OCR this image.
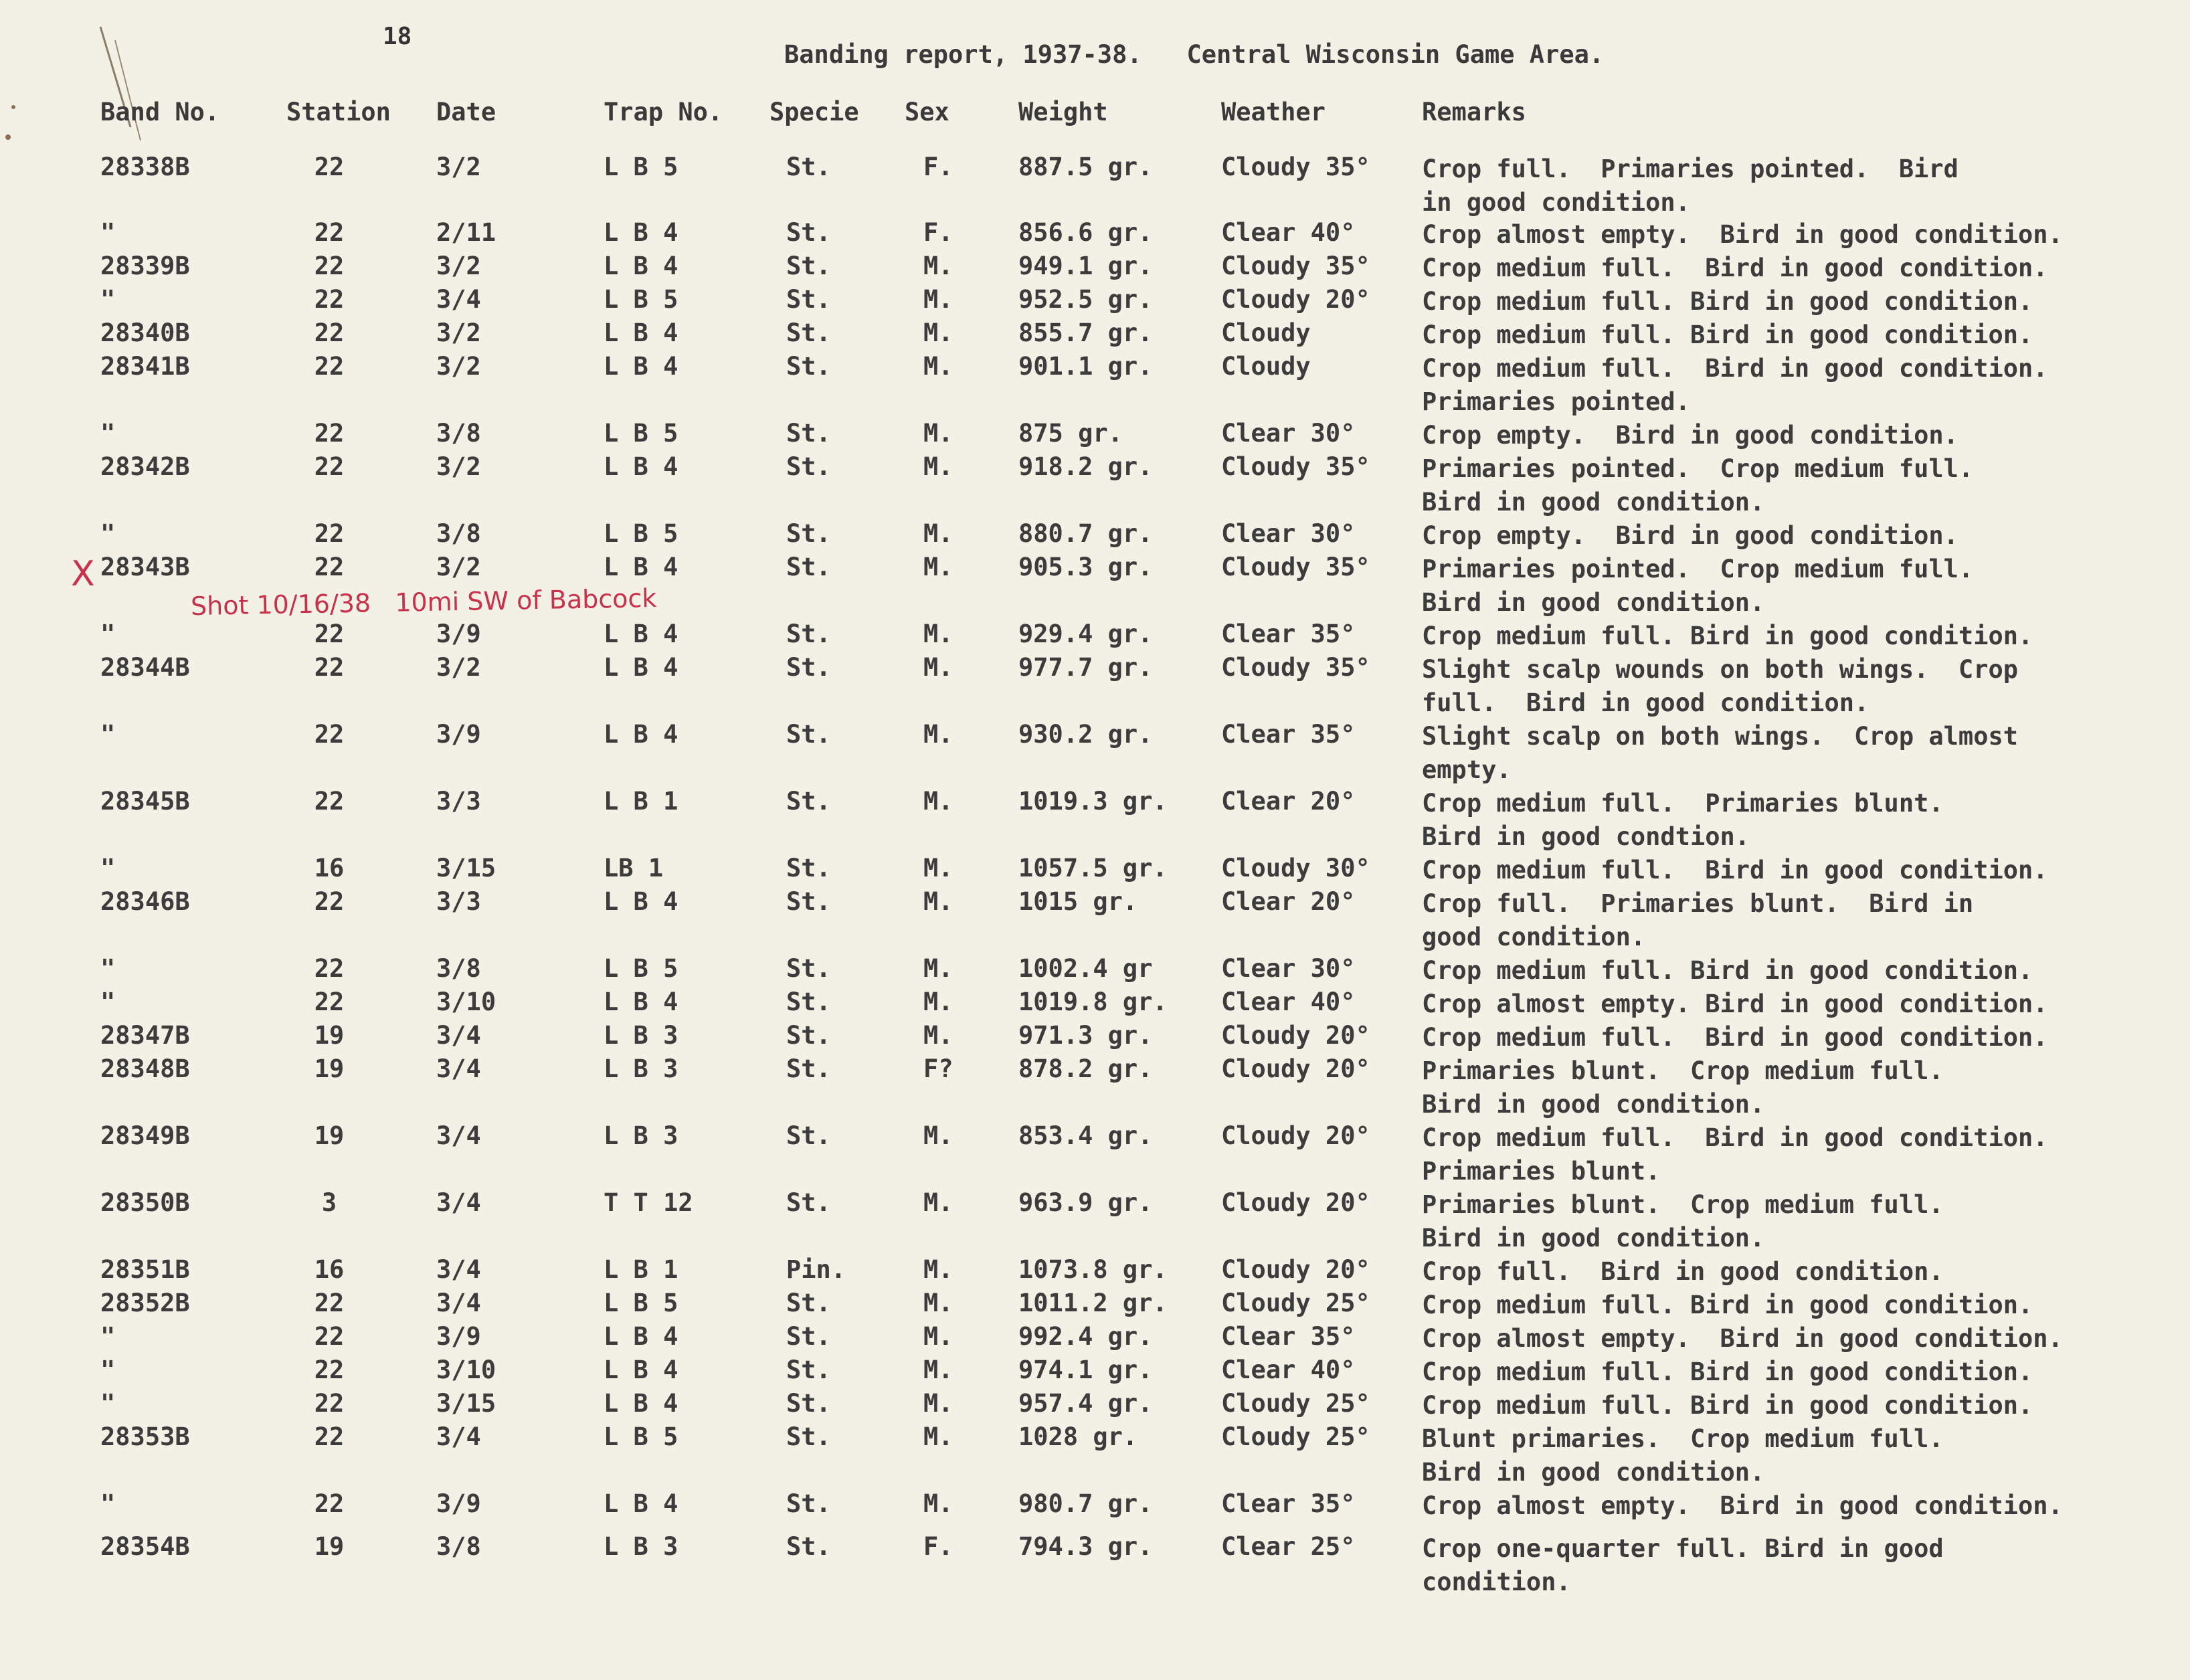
18
Banding report, 1937-38.   Central Wisconsin Game Area.
Band No.	Station Date	Trap No. Specie Sex	Weight	Weather	Remarks
28338B	22	3/2	L B 5	St.	F.	887.5 gr.	Cloudy 35° Crop full.  Primaries pointed.  Bird
in good condition.
"	22	2/11	L B 4	St.	F.	856.6 gr.	Clear 40°	Crop almost empty.  Bird in good condition.
28339B	22	3/2	L B 4	St.	M.	949.1 gr.	Cloudy 35° Crop medium full.  Bird in good condition.
"	22	3/4	L B 5	St.	M.	952.5 gr.	Cloudy 20° Crop medium full. Bird in good condition.
28340B	22	3/2	L B 4	St.	M.	855.7 gr.	Cloudy	Crop medium full. Bird in good condition.
28341B	22	3/2	L B 4	St.	M.	901.1 gr.	Cloudy	Crop medium full.  Bird in good condition.
Primaries pointed.
"	22	3/8	L B 5	St.	M.	875 gr.	Clear 30°	Crop empty.  Bird in good condition.
28342B	22	3/2	L B 4	St.	M.	918.2 gr.	Cloudy 35° Primaries pointed.  Crop medium full.
Bird in good condition.
"	22	3/8	L B 5	St.	M.	880.7 gr.	Clear 30°	Crop empty.  Bird in good condition.
28343B	22	3/2	L B 4	St.	M.	905.3 gr.	Cloudy 35° Primaries pointed.  Crop medium full.
Bird in good condition.
"	22	3/9	L B 4	St.	M.	929.4 gr.	Clear 35°	Crop medium full. Bird in good condition.
28344B	22	3/2	L B 4	St.	M.	977.7 gr.	Cloudy 35° Slight scalp wounds on both wings.  Crop
full.  Bird in good condition.
"	22	3/9	L B 4	St.	M.	930.2 gr.	Clear 35°	Slight scalp on both wings.  Crop almost
empty.
28345B	22	3/3	L B 1	St.	M.	1019.3 gr. Clear 20°	Crop medium full.  Primaries blunt.
Bird in good condtion.
"	16	3/15	LB 1	St.	M.	1057.5 gr. Cloudy 30° Crop medium full.  Bird in good condition.
28346B	22	3/3	L B 4	St.	M.	1015 gr.	Clear 20°	Crop full.  Primaries blunt.  Bird in
good condition.
"	22	3/8	L B 5	St.	M.	1002.4 gr	Clear 30°	Crop medium full. Bird in good condition.
"	22	3/10	L B 4	St.	M.	1019.8 gr. Clear 40°	Crop almost empty. Bird in good condition.
28347B	19	3/4	L B 3	St.	M.	971.3 gr.	Cloudy 20° Crop medium full.  Bird in good condition.
28348B	19	3/4	L B 3	St.	F?	878.2 gr.	Cloudy 20° Primaries blunt.  Crop medium full.
Bird in good condition.
28349B	19	3/4	L B 3	St.	M.	853.4 gr.	Cloudy 20° Crop medium full.  Bird in good condition.
Primaries blunt.
28350B	3	3/4	T T 12	St.	M.	963.9 gr.	Cloudy 20° Primaries blunt.  Crop medium full.
Bird in good condition.
28351B	16	3/4	L B 1	Pin.	M.	1073.8 gr. Cloudy 20° Crop full.  Bird in good condition.
28352B	22	3/4	L B 5	St.	M.	1011.2 gr. Cloudy 25° Crop medium full. Bird in good condition.
"	22	3/9	L B 4	St.	M.	992.4 gr.	Clear 35°	Crop almost empty.  Bird in good condition.
"	22	3/10	L B 4	St.	M.	974.1 gr.	Clear 40°	Crop medium full. Bird in good condition.
"	22	3/15	L B 4	St.	M.	957.4 gr.	Cloudy 25° Crop medium full. Bird in good condition.
28353B	22	3/4	L B 5	St.	M.	1028 gr.	Cloudy 25° Blunt primaries.  Crop medium full.
Bird in good condition.
"	22	3/9	L B 4	St.	M.	980.7 gr.	Clear 35°	Crop almost empty.  Bird in good condition.
28354B	19	3/8	L B 3	St.	F.	794.3 gr.	Clear 25°	Crop one-quarter full. Bird in good
condition.
X
Shot 10/16/38   10mi SW of Babcock
